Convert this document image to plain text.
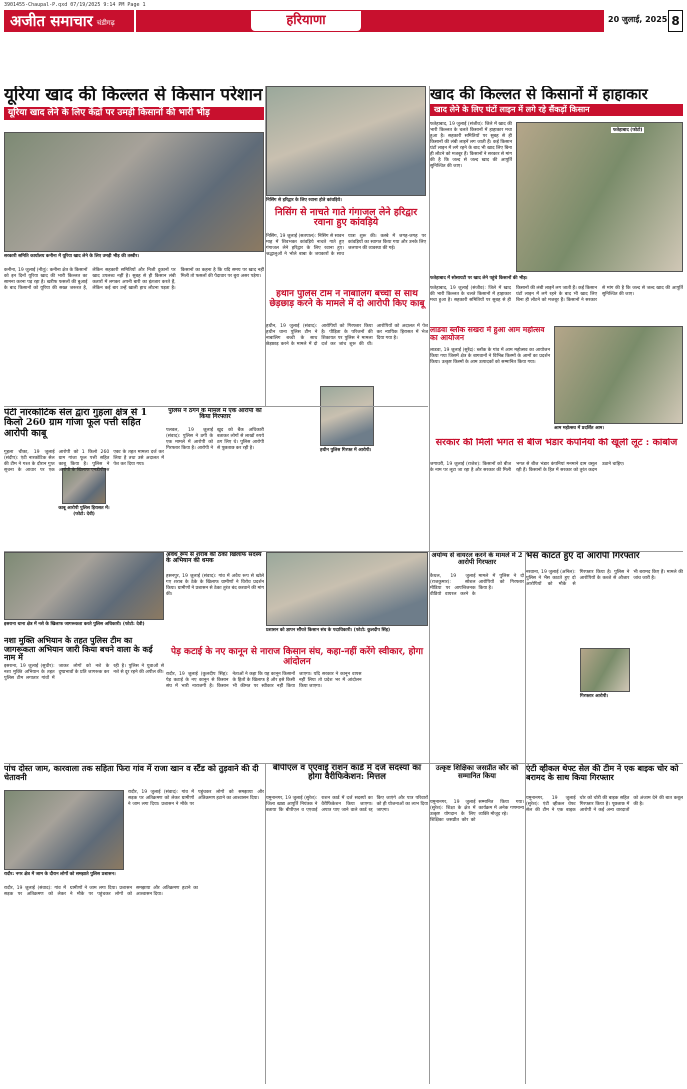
3901455-Chaupal-P.qxd 07/19/2025 9:14 PM Page 1
अजीत समाचार चंडीगढ़	हरियाणा	20 जुलाई, 2025 8
यूरिया खाद की किल्लत से किसान परेशान
यूरिया खाद लेने के लिए केंद्रों पर उमड़ी किसानों की भारी भीड़
सरकारी समिति कार्यालय कनीना में यूरिया खाद लेने के लिए उमड़ी भीड़ की तस्वीर।
कनीना, 19 जुलाई (नीतू): कनीना क्षेत्र के किसानों को इन दिनों यूरिया खाद की भारी किल्लत का सामना करना पड़ रहा है। खरीफ फसलों की बुआई के बाद किसानों को यूरिया की सख्त जरूरत है, लेकिन सहकारी समितियों और निजी दुकानों पर खाद उपलब्ध नहीं है। सुबह से ही किसान लंबी कतारों में लगकर अपनी बारी का इंतजार करते हैं, लेकिन कई बार उन्हें खाली हाथ लौटना पड़ता है। किसानों का कहना है कि यदि समय पर खाद नहीं मिली तो फसलों की पैदावार पर बुरा असर पड़ेगा।
निसिंग से हरिद्वार के लिए रवाना होते कांवड़िये।
निसिंग से नाचते गाते गंगाजल लेने हरिद्वार रवाना हुए कांवड़िये
निसिंग, 19 जुलाई (सतपाल): निसिंग से सावन माह में शिवभक्त कांवड़िये नाचते गाते हुए गंगाजल लेने हरिद्वार के लिए रवाना हुए। श्रद्धालुओं ने भोले बाबा के जयकारों के साथ यात्रा शुरू की। कस्बे में जगह-जगह पर कांवड़ियों का स्वागत किया गया और उनके लिए जलपान की व्यवस्था की गई।
खाद की किल्लत से किसानों में हाहाकार
खाद लेने के लिए घंटों लाइन में लगे रहे सैंकड़ों किसान
फतेहाबाद, 19 जुलाई (संजीव): जिले में खाद की भारी किल्लत के चलते किसानों में हाहाकार मचा हुआ है। सहकारी समितियों पर सुबह से ही किसानों की लंबी लाइनें लग जाती हैं। कई किसान घंटों लाइन में लगे रहने के बाद भी खाद लिए बिना ही लौटने को मजबूर हैं। किसानों ने सरकार से मांग की है कि जल्द से जल्द खाद की आपूर्ति सुनिश्चित की जाए।
फतेहाबाद (फोटो)
फतेहाबाद में सोसायटी पर खाद लेने पहुंचे किसानों की भीड़।
फतेहाबाद, 19 जुलाई (संजीव): जिले में खाद की भारी किल्लत के चलते किसानों में हाहाकार मचा हुआ है। सहकारी समितियों पर सुबह से ही किसानों की लंबी लाइनें लग जाती हैं। कई किसान घंटों लाइन में लगे रहने के बाद भी खाद लिए बिना ही लौटने को मजबूर हैं। किसानों ने सरकार से मांग की है कि जल्द से जल्द खाद की आपूर्ति सुनिश्चित की जाए।
पंटी नारकोटिक सेल द्वारा गुहला क्षेत्र से 1 किलो 260 ग्राम गांजा फूल पत्ती सहित आरोपी काबू
काबू आरोपी पुलिस हिरासत में। (फोटो: देवी)
गुहला चीका, 19 जुलाई (संदीप): एंटी नारकोटिक सेल की टीम ने गश्त के दौरान गुप्त सूचना के आधार पर एक आरोपी को 1 किलो 260 ग्राम गांजा फूल पत्ती सहित काबू किया है। पुलिस ने आरोपी के खिलाफ एनडीपीएस एक्ट के तहत मामला दर्ज कर लिया है तथा उसे अदालत में पेश कर दिया गया।
पुलिस ने ठगन के मामले में एक आरोपी को किया गिरफ्तार
पलवल, 19 जुलाई (संवाद): पुलिस ने ठगी के एक मामले में आरोपी को गिरफ्तार किया है। आरोपी ने खुद को बैंक अधिकारी बताकर लोगों से लाखों रुपये ठग लिए थे। पुलिस आरोपी से पूछताछ कर रही है।
हथीन पुलिस टीम ने नाबालिग बच्ची से साथ छेड़छाड़ करने के मामले में दो आरोपी किए काबू
हथीन पुलिस गिरफ्त में आरोपी।
हथीन, 19 जुलाई (संवाद): हथीन थाना पुलिस टीम ने नाबालिग बच्ची के साथ छेड़छाड़ करने के मामले में दो आरोपियों को गिरफ्तार किया है। पीड़िता के परिजनों की शिकायत पर पुलिस ने मामला दर्ज कर जांच शुरू की थी। आरोपियों को अदालत में पेश कर न्यायिक हिरासत में भेज दिया गया है।
लाडवा ब्लॉक सखरा में हुआ आम महोत्सव का आयोजन
लाडवा, 19 जुलाई (सुरेंद्र): ब्लॉक के गांव में आम महोत्सव का आयोजन किया गया जिसमें क्षेत्र के बागवानों ने विभिन्न किस्मों के आमों का प्रदर्शन किया। उत्कृष्ट किस्मों के आम उत्पादकों को सम्मानित किया गया।
आम महोत्सव में प्रदर्शित आम।
सरकार की मिली भगत से बीज भंडार कंपनियों की खूली लूट : कांबोज
जगाधरी, 19 जुलाई (राजेश): किसानों को बीज के नाम पर लूटा जा रहा है और सरकार की मिली भगत से बीज भंडार कंपनियां मनमाने दाम वसूल रही हैं। किसानों के हित में सरकार को तुरंत कदम उठाने चाहिए।
अवैध रूप से शराब की ठेका खिलाफ सदस्य के अभियान की धमक
हसनपुर, 19 जुलाई (संवाद): गांव में अवैध रूप से खोले गए शराब के ठेके के खिलाफ ग्रामीणों ने विरोध प्रदर्शन किया। ग्रामीणों ने प्रशासन से ठेका तुरंत बंद करवाने की मांग की।
इसराना थाना क्षेत्र में नशे के खिलाफ जागरूकता करते पुलिस अधिकारी। (फोटो: देवी)
नशा मुक्ति अभियान के तहत पुलिस टीम का जागरूकता अभियान जारी किया बचने वाला के कई नाम में
इसराना, 19 जुलाई (सुधीर): नशा मुक्ति अभियान के तहत पुलिस टीम लगातार गांवों में जाकर लोगों को नशे के दुष्प्रभावों के प्रति जागरूक कर रही है। पुलिस ने युवाओं से नशे से दूर रहने की अपील की।
प्रशासन को ज्ञापन सौंपते किसान संघ के पदाधिकारी। (फोटो: कुलदीप सिंह)
पेड़ कटाई के नए कानून से नाराज किसान संघ, कहा-नहीं करेंगे स्वीकार, होगा आंदोलन
रादौर, 19 जुलाई (कुलदीप सिंह): पेड़ कटाई के नए कानून से किसान संघ में भारी नाराजगी है। किसान नेताओं ने कहा कि यह कानून किसानों के हितों के खिलाफ है और इसे किसी भी कीमत पर स्वीकार नहीं किया जाएगा। यदि सरकार ने कानून वापस नहीं लिया तो प्रदेश भर में आंदोलन किया जाएगा।
अयोग्य से वायरल करने के मामले में 2 आरोपी गिरफ्तार
कैथल, 19 जुलाई (राजकुमार): सोशल मीडिया पर आपत्तिजनक वीडियो वायरल करने के मामले में पुलिस ने दो आरोपियों को गिरफ्तार किया है।
भैंस काटते हुए दो आरोपी गिरफ्तार
गिरफ्तार आरोपी।
नरवाना, 19 जुलाई (अनिल): पुलिस ने भैंस काटते हुए दो आरोपियों को मौके से गिरफ्तार किया है। पुलिस ने आरोपियों के कब्जे से औजार भी बरामद किए हैं। मामले की जांच जारी है।
पांच दोस्त जाम, कारवाला तक सहिता फिरा गांव में राजा खान व स्टैंड को तुड़वाने की दी चेतावनी
रादौर: नगर क्षेत्र में जाम के दौरान लोगों को समझाते पुलिस प्रशासन।
रादौर, 19 जुलाई (संवाद): गांव में सड़क पर अतिक्रमण को लेकर ग्रामीणों ने जाम लगा दिया। प्रशासन ने मौके पर पहुंचकर लोगों को समझाया और अतिक्रमण हटाने का आश्वासन दिया।
रादौर, 19 जुलाई (संवाद): गांव में सड़क पर अतिक्रमण को लेकर ग्रामीणों ने जाम लगा दिया। प्रशासन ने मौके पर पहुंचकर लोगों को समझाया और अतिक्रमण हटाने का आश्वासन दिया।
बीपीएल व एएवाई राशन कार्ड में दर्ज सदस्यों का होगा वैरीफिकेशन: मित्तल
यमुनानगर, 19 जुलाई (सुरेश): जिला खाद्य आपूर्ति नियंत्रक ने बताया कि बीपीएल व एएवाई राशन कार्ड में दर्ज सदस्यों का वैरीफिकेशन किया जाएगा। अपात्र पाए जाने वाले कार्ड रद्द किए जाएंगे और पात्र परिवारों को ही योजनाओं का लाभ दिया जाएगा।
उत्कृष्ट शिक्षिका जसप्रीत कौर को सम्मानित किया
यमुनानगर, 19 जुलाई (सुरेश): शिक्षा के क्षेत्र में उत्कृष्ट योगदान के लिए शिक्षिका जसप्रीत कौर को सम्मानित किया गया। कार्यक्रम में अनेक गणमान्य व्यक्ति मौजूद रहे।
एंटी व्हीकल थेफ्ट सेल की टीम ने एक बाइक चोर को बरामद के साथ किया गिरफ्तार
यमुनानगर, 19 जुलाई (सुरेश): एंटी व्हीकल थेफ्ट सेल की टीम ने एक बाइक चोर को चोरी की बाइक सहित गिरफ्तार किया है। पूछताछ में आरोपी ने कई अन्य वारदातों को अंजाम देने की बात कबूल की है।
